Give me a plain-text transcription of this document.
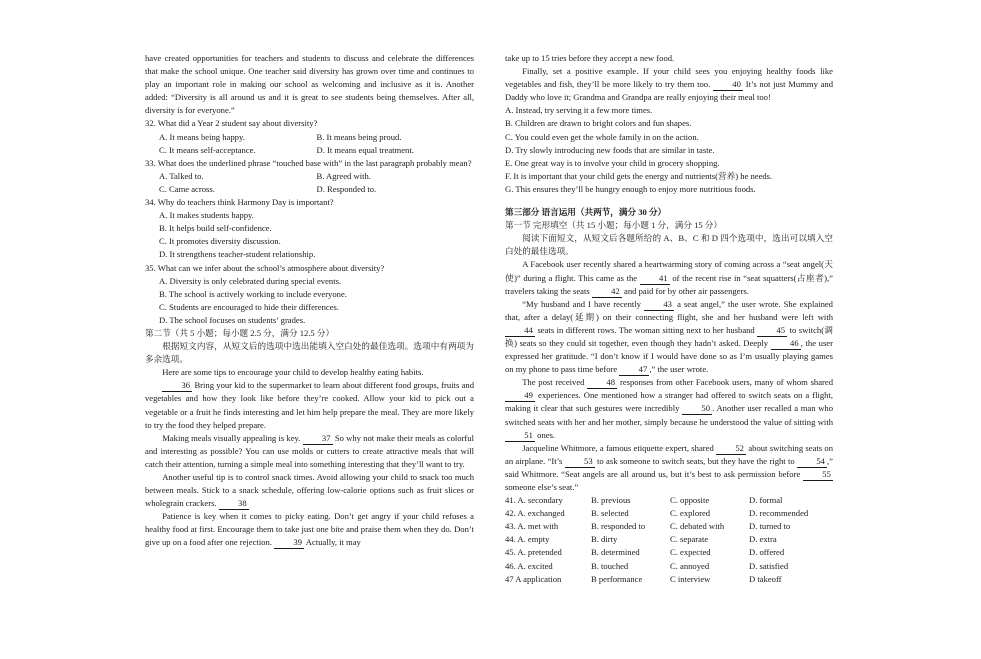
have created opportunities for teachers and students to discuss and celebrate the differences that make the school unique. One teacher said diversity has grown over time and continues to play an important role in making our school as welcoming and inclusive as it is. Another added: “Diversity is all around us and it is great to see students being themselves. After all, diversity is for everyone.”

32. What did a Year 2 student say about diversity?

A. It means being happy.	B. It means being proud.
C. It means self-acceptance.	D. It means equal treatment.

33. What does the underlined phrase “touched base with” in the last paragraph probably mean?

A. Talked to.	B. Agreed with.
C. Came across.	D. Responded to.

34. Why do teachers think Harmony Day is important?

A. It makes students happy.

B. It helps build self-confidence.

C. It promotes diversity discussion.

D. It strengthens teacher-student relationship.

35. What can we infer about the school’s atmosphere about diversity?

A. Diversity is only celebrated during special events.

B. The school is actively working to include everyone.

C. Students are encouraged to hide their differences.

D. The school focuses on students’ grades.

第二节（共 5 小题；每小题 2.5 分，满分 12.5 分）

根据短文内容，从短文后的选项中选出能填入空白处的最佳选项。选项中有两项为多余选项。

Here are some tips to encourage your child to develop healthy eating habits.

36 Bring your kid to the supermarket to learn about different food groups, fruits and vegetables and how they look like before they’re cooked. Allow your kid to pick out a vegetable or a fruit he finds interesting and let him help prepare the meal. They are more likely to try the food they helped prepare.

Making meals visually appealing is key.	37 So why not make their meals as colorful and interesting as possible? You can use molds or cutters to create attractive meals that will catch their attention, turning a simple meal into something interesting that they’ll want to try.

Another useful tip is to control snack times. Avoid allowing your child to snack too much between meals. Stick to a snack schedule, offering low-calorie options such as fruit slices or wholegrain crackers. 38

Patience is key when it comes to picky eating. Don’t get angry if your child refuses a healthy food at first. Encourage them to take just one bite and praise them when they do. Don’t give up on a food after one rejection. 39 Actually, it may

take up to 15 tries before they accept a new food.

Finally, set a positive example. If your child sees you enjoying healthy foods like vegetables and fish, they’ll be more likely to try them too.	40 It’s not just Mummy and Daddy who love it; Grandma and Grandpa are really enjoying their meal too!

A. Instead, try serving it a few more times.

B. Children are drawn to bright colors and fun shapes.

C. You could even get the whole family in on the action.

D. Try slowly introducing new foods that are similar in taste.

E. One great way is to involve your child in grocery shopping.

F. It is important that your child gets the energy and nutrients(营养) he needs.

G. This ensures they’ll be hungry enough to enjoy more nutritious foods.

第三部分 语言运用（共两节，满分 30 分）

第一节 完形填空（共 15 小题；每小题 1 分，满分 15 分）

阅读下面短文，从短文后各题所给的 A、B、C 和 D 四个选项中，选出可以填入空白处的最佳选项。

A Facebook user recently shared a heartwarming story of coming across a “seat angel(天使)” during a flight. This came as the	41 of the recent rise in “seat squatters(占座者),” travelers taking the seats 42 and paid for by other air passengers.

“My husband and I have recently	43 a seat angel,” the user wrote. She explained that, after a delay(延期) on their connecting flight, she and her husband were left with 44 seats in different rows. The woman sitting next to her husband	45 to switch(调换) seats so they could sit together, even though they hadn’t asked. Deeply	46 , the user expressed her gratitude. “I don’t know if I would have done so as I’m usually playing games on my phone to pass time before 47 ,” the user wrote.

The post received	48 responses from other Facebook users, many of whom shared 49 experiences. One mentioned how a stranger had offered to switch seats on a flight, making it clear that such gestures were incredibly	50 . Another user recalled a man who switched seats with her and her mother, simply because he understood the value of sitting with 51 ones.

Jacqueline Whitmore, a famous etiquette expert, shared	52 about switching seats on an airplane. “It’s	53 to ask someone to switch seats, but they have the right to	54 ,” said Whitmore. “Seat angels are all around us, but it’s best to ask permission before	55 someone else’s seat.”

41. A. secondary	B. previous	C. opposite	D. formal
42. A. exchanged	B. selected	C. explored	D. recommended
43. A. met with	B. responded to	C. debated with	D. turned to
44. A. empty	B. dirty	C. separate	D. extra
45. A. pretended	B. determined	C. expected	D. offered
46. A. excited	B. touched	C. annoyed	D. satisfied
47 A application	B performance	C interview	D takeoff
